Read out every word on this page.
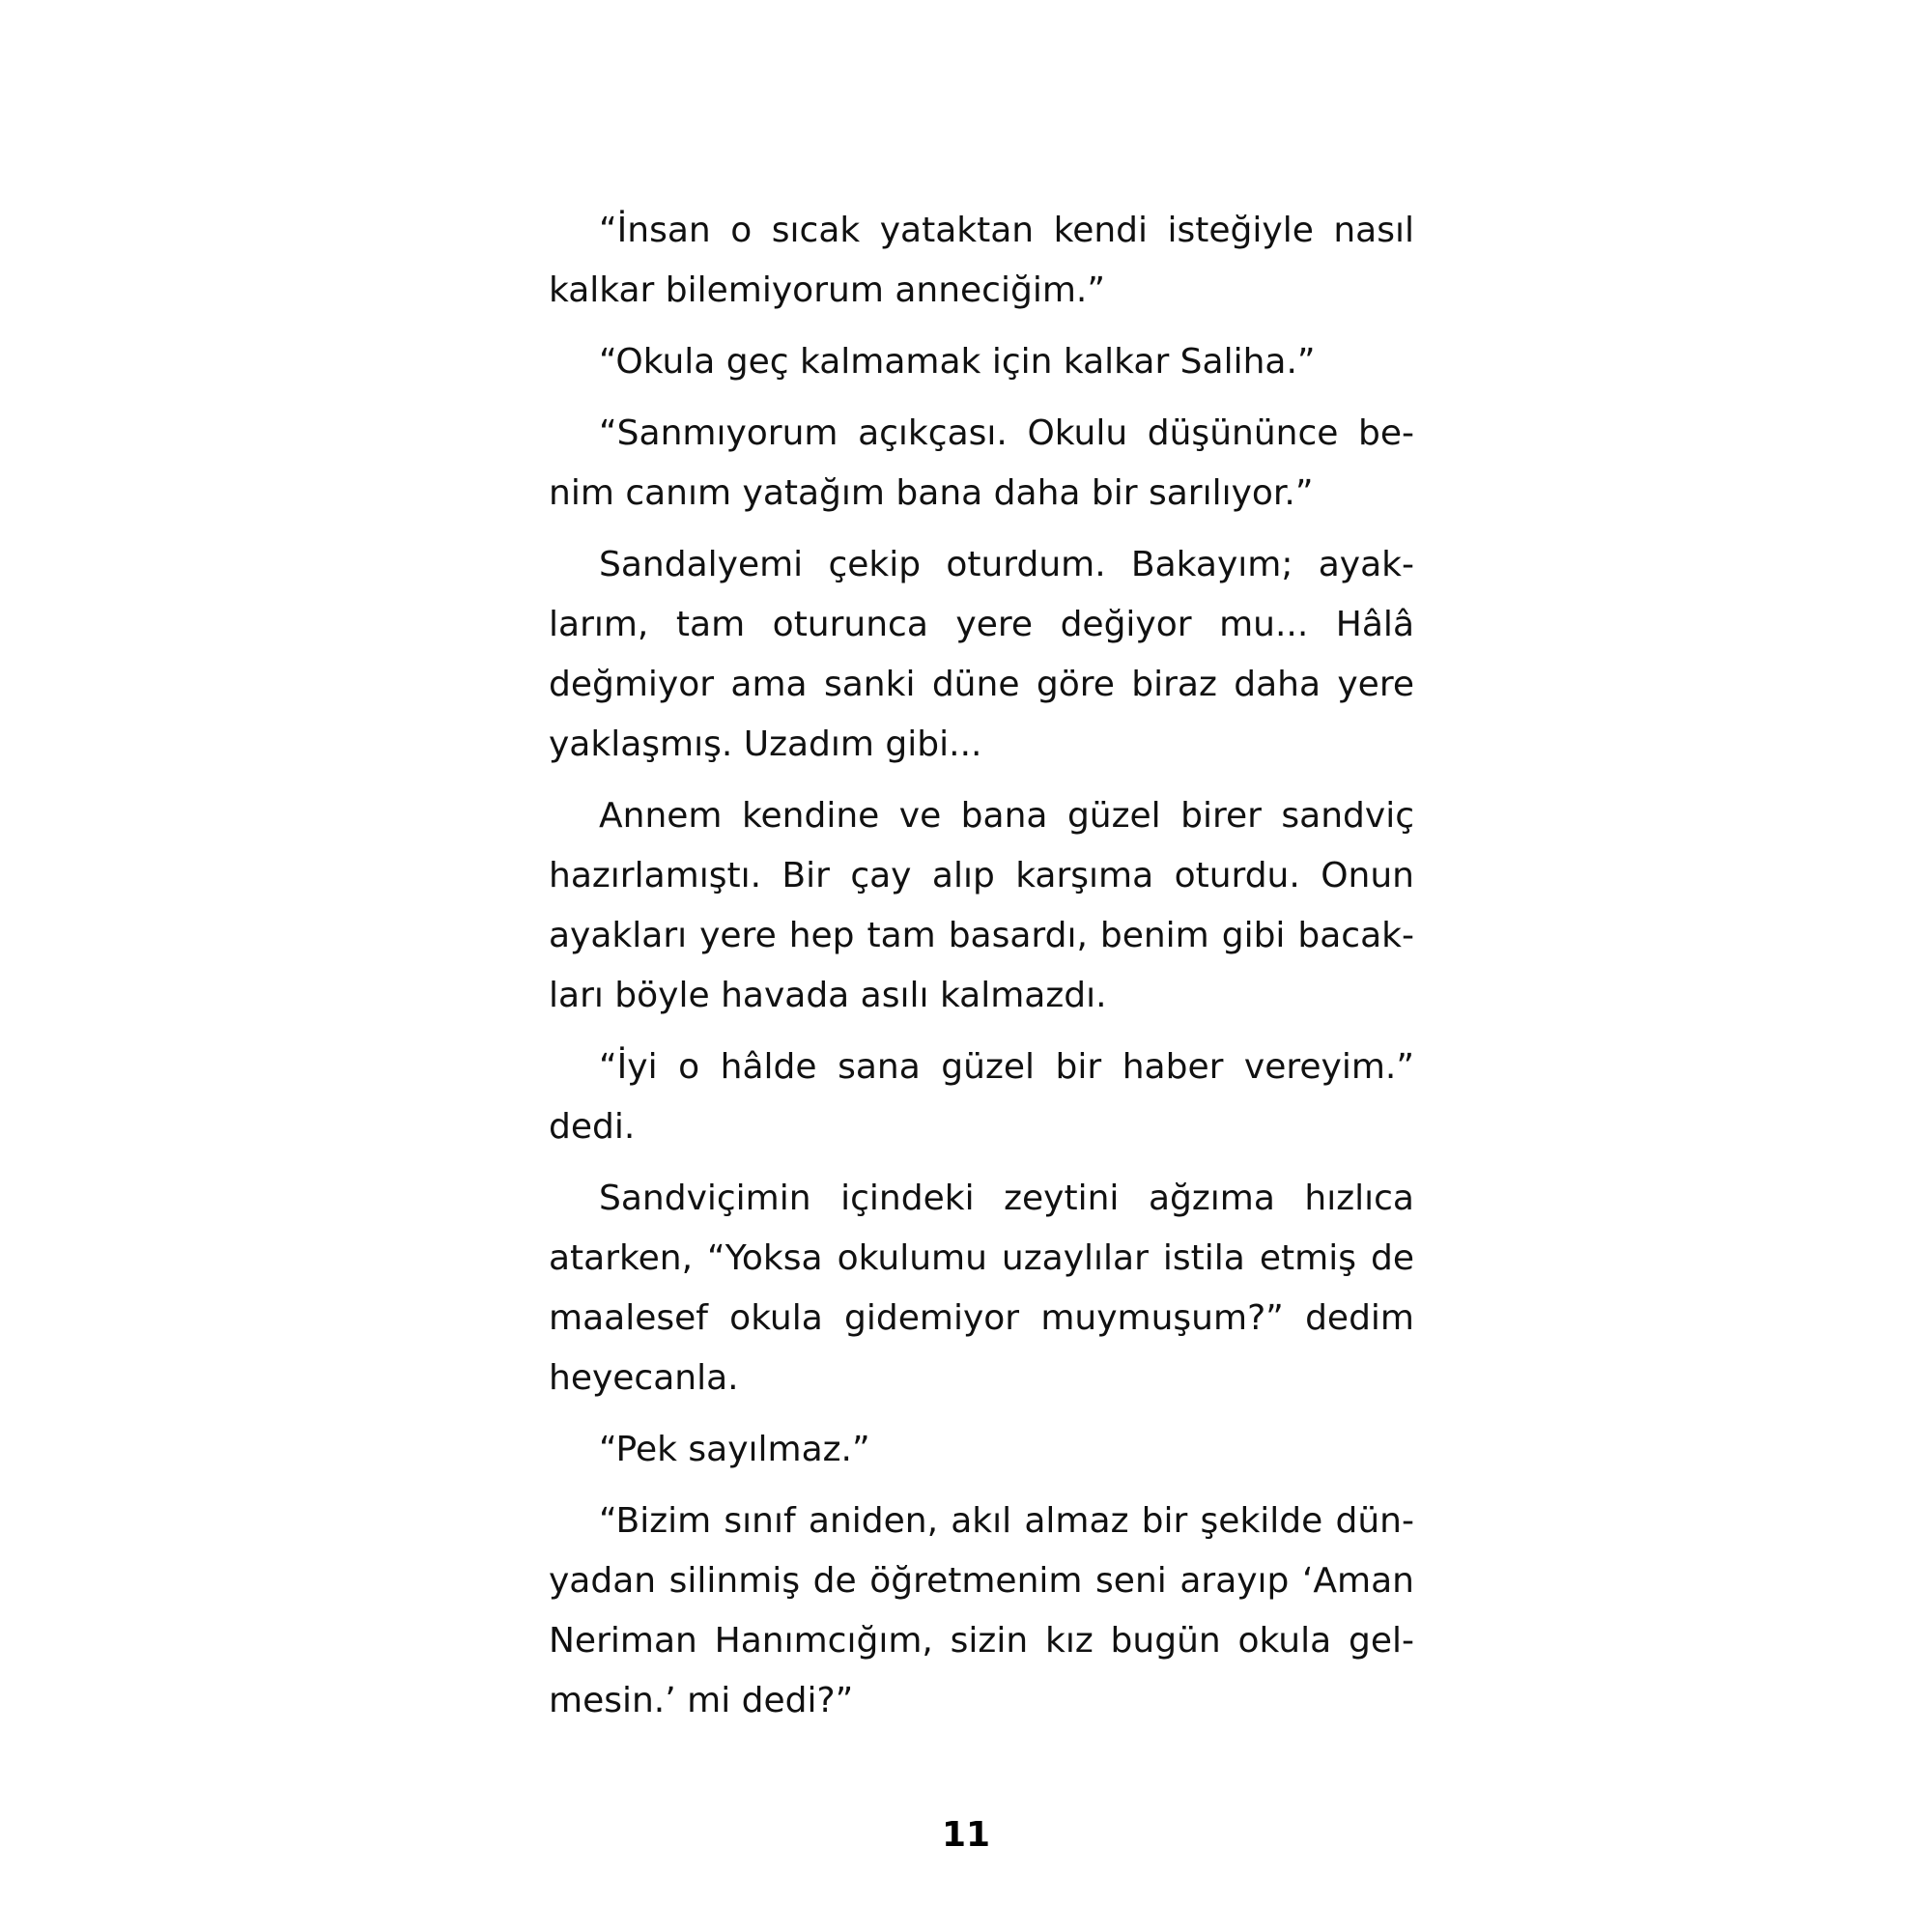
“İnsan o sıcak yataktan kendi isteğiyle nasıl
kalkar bilemiyorum anneciğim.”
“Okula geç kalmamak için kalkar Saliha.”
“Sanmıyorum açıkçası. Okulu düşününce be-
nim canım yatağım bana daha bir sarılıyor.”
Sandalyemi çekip oturdum. Bakayım; ayak-
larım, tam oturunca yere değiyor mu... Hâlâ
değmiyor ama sanki düne göre biraz daha yere
yaklaşmış. Uzadım gibi...
Annem kendine ve bana güzel birer sandviç
hazırlamıştı. Bir çay alıp karşıma oturdu. Onun
ayakları yere hep tam basardı, benim gibi bacak-
ları böyle havada asılı kalmazdı.
“İyi o hâlde sana güzel bir haber vereyim.”
dedi.
Sandviçimin içindeki zeytini ağzıma hızlıca
atarken, “Yoksa okulumu uzaylılar istila etmiş de
maalesef okula gidemiyor muymuşum?” dedim
heyecanla.
“Pek sayılmaz.”
“Bizim sınıf aniden, akıl almaz bir şekilde dün-
yadan silinmiş de öğretmenim seni arayıp ‘Aman
Neriman Hanımcığım, sizin kız bugün okula gel-
mesin.’ mi dedi?”
11
